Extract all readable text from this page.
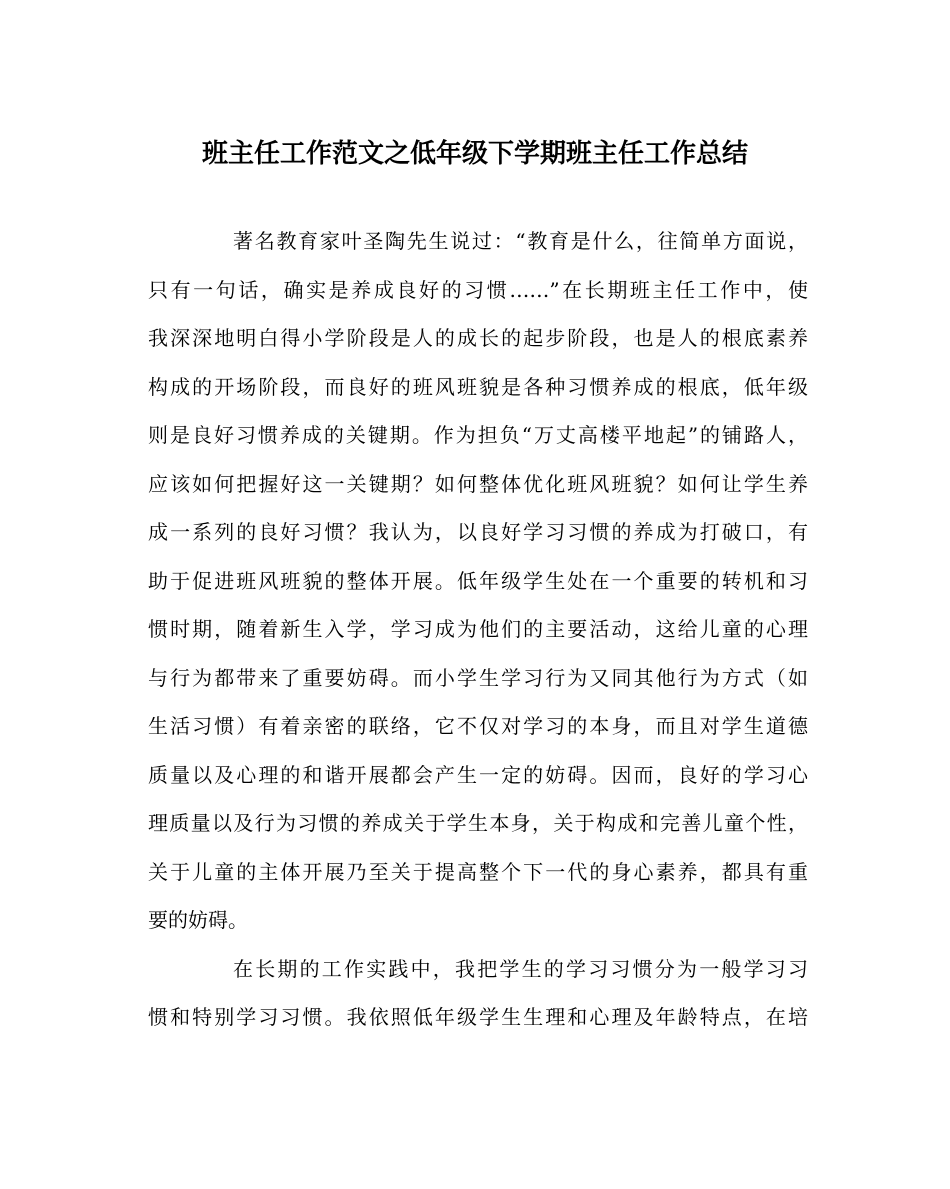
班主任工作范文之低年级下学期班主任工作总结
著名教育家叶圣陶先生说过：“教育是什么，往简单方面说，
只有一句话，确实是养成良好的习惯……”在长期班主任工作中，使
我深深地明白得小学阶段是人的成长的起步阶段，也是人的根底素养
构成的开场阶段，而良好的班风班貌是各种习惯养成的根底，低年级
则是良好习惯养成的关键期。作为担负“万丈高楼平地起”的铺路人，
应该如何把握好这一关键期？如何整体优化班风班貌？如何让学生养
成一系列的良好习惯？我认为，以良好学习习惯的养成为打破口，有
助于促进班风班貌的整体开展。低年级学生处在一个重要的转机和习
惯时期，随着新生入学，学习成为他们的主要活动，这给儿童的心理
与行为都带来了重要妨碍。而小学生学习行为又同其他行为方式（如
生活习惯）有着亲密的联络，它不仅对学习的本身，而且对学生道德
质量以及心理的和谐开展都会产生一定的妨碍。因而，良好的学习心
理质量以及行为习惯的养成关于学生本身，关于构成和完善儿童个性，
关于儿童的主体开展乃至关于提高整个下一代的身心素养，都具有重
要的妨碍。
在长期的工作实践中，我把学生的学习习惯分为一般学习习
惯和特别学习习惯。我依照低年级学生生理和心理及年龄特点，在培
